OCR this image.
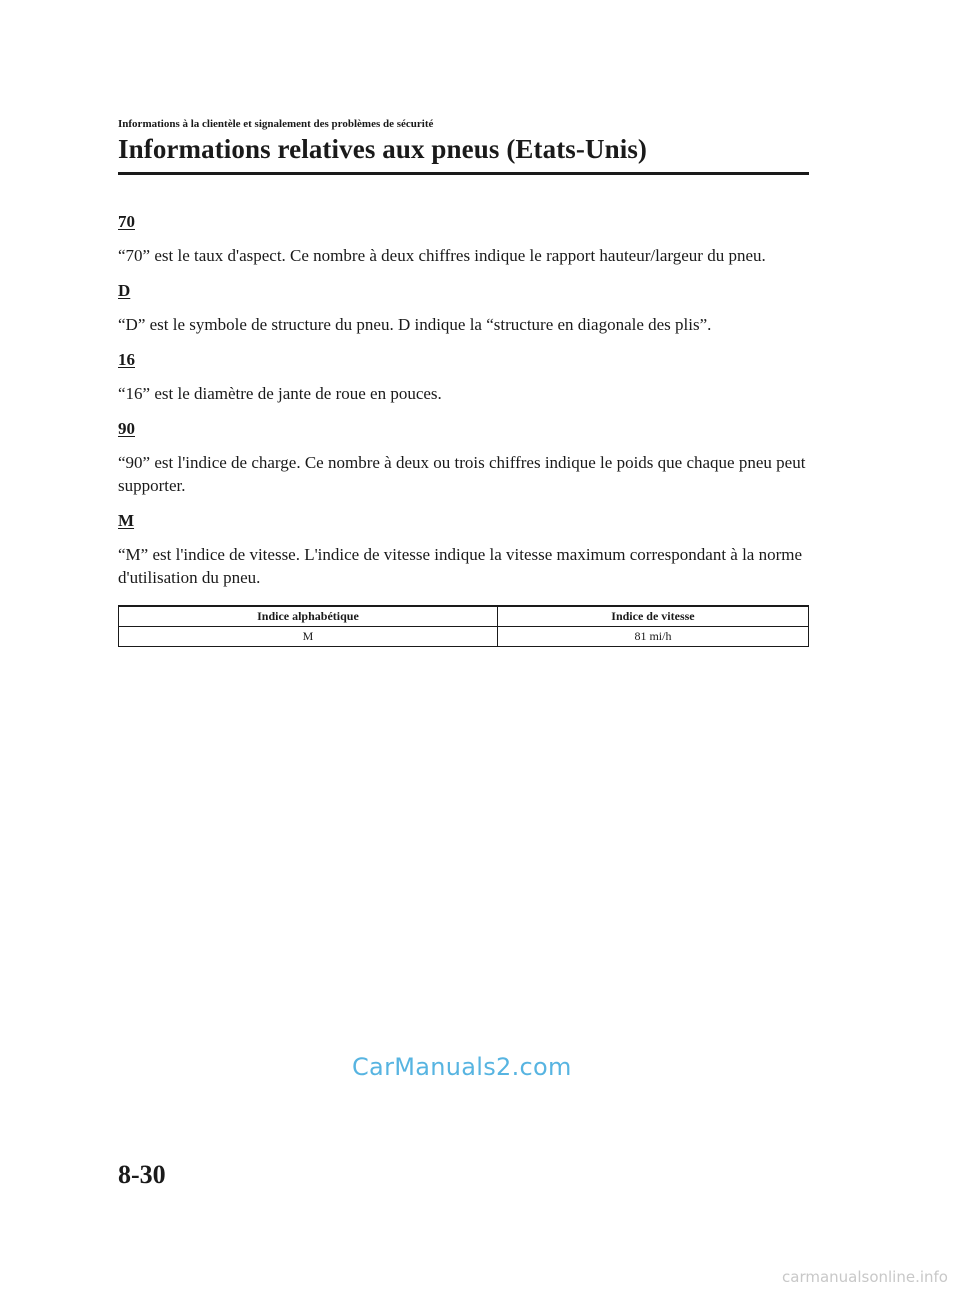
Informations à la clientèle et signalement des problèmes de sécurité
Informations relatives aux pneus (Etats-Unis)

70

“70” est le taux d'aspect. Ce nombre à deux chiffres indique le rapport hauteur/largeur du pneu.

D

“D” est le symbole de structure du pneu. D indique la “structure en diagonale des plis”.

16

“16” est le diamètre de jante de roue en pouces.

90

“90” est l'indice de charge. Ce nombre à deux ou trois chiffres indique le poids que chaque pneu peut supporter.

M

“M” est l'indice de vitesse. L'indice de vitesse indique la vitesse maximum correspondant à la norme d'utilisation du pneu.

Indice alphabétique	Indice de vitesse
M	81 mi/h
CarManuals2.com
8-30
carmanualsonline.info
